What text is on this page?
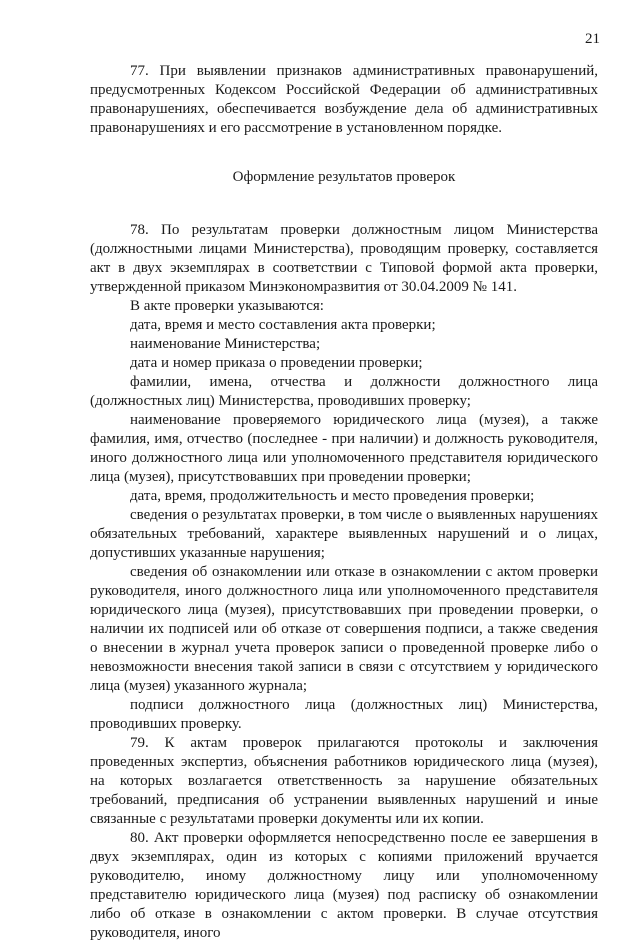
21

77. При выявлении признаков административных правонарушений, предусмотренных Кодексом Российской Федерации об административных правонарушениях, обеспечивается возбуждение дела об административных правонарушениях и его рассмотрение в установленном порядке.

Оформление результатов проверок

78. По результатам проверки должностным лицом Министерства (должностными лицами Министерства), проводящим проверку, составляется акт в двух экземплярах в соответствии с Типовой формой акта проверки, утвержденной приказом Минэкономразвития от 30.04.2009 № 141.

В акте проверки указываются:

дата, время и место составления акта проверки;

наименование Министерства;

дата и номер приказа о проведении проверки;

фамилии, имена, отчества и должности должностного лица (должностных лиц) Министерства, проводивших проверку;

наименование проверяемого юридического лица (музея), а также фамилия, имя, отчество (последнее - при наличии) и должность руководителя, иного должностного лица или уполномоченного представителя юридического лица (музея), присутствовавших при проведении проверки;

дата, время, продолжительность и место проведения проверки;

сведения о результатах проверки, в том числе о выявленных нарушениях обязательных требований, характере выявленных нарушений и о лицах, допустивших указанные нарушения;

сведения об ознакомлении или отказе в ознакомлении с актом проверки руководителя, иного должностного лица или уполномоченного представителя юридического лица (музея), присутствовавших при проведении проверки, о наличии их подписей или об отказе от совершения подписи, а также сведения о внесении в журнал учета проверок записи о проведенной проверке либо о невозможности внесения такой записи в связи с отсутствием у юридического лица (музея) указанного журнала;

подписи должностного лица (должностных лиц) Министерства, проводивших проверку.

79. К актам проверок прилагаются протоколы и заключения проведенных экспертиз, объяснения работников юридического лица (музея), на которых возлагается ответственность за нарушение обязательных требований, предписания об устранении выявленных нарушений и иные связанные с результатами проверки документы или их копии.

80. Акт проверки оформляется непосредственно после ее завершения в двух экземплярах, один из которых с копиями приложений вручается руководителю, иному должностному лицу или уполномоченному представителю юридического лица (музея) под расписку об ознакомлении либо об отказе в ознакомлении с актом проверки. В случае отсутствия руководителя, иного
